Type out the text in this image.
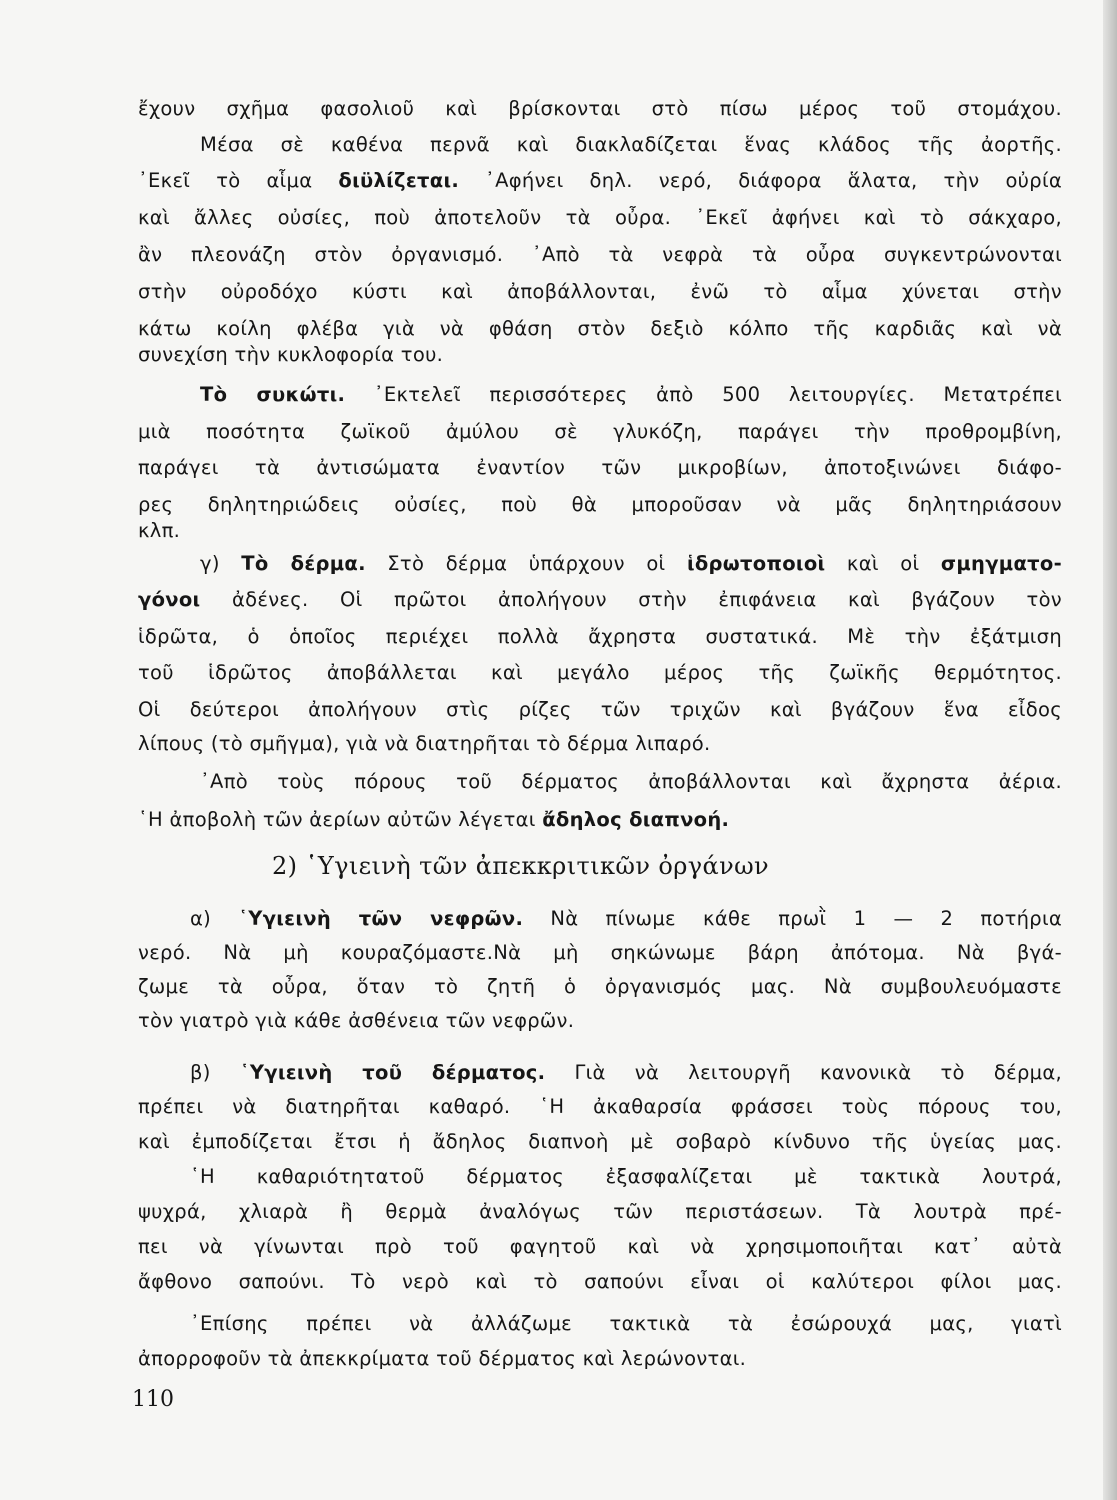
ἔχουν σχῆμα φασολιοῦ καὶ βρίσκονται στὸ πίσω μέρος τοῦ στομάχου.
Μέσα σὲ καθένα περνᾶ καὶ διακλαδίζεται ἕνας κλάδος τῆς ἀορτῆς.
᾽Εκεῖ τὸ αἷμα διϋλίζεται. ᾽Αφήνει δηλ. νερό, διάφορα ἅλατα, τὴν οὐρία
καὶ ἄλλες οὐσίες, ποὺ ἀποτελοῦν τὰ οὖρα. ᾽Εκεῖ ἀφήνει καὶ τὸ σάκχαρο,
ἂν πλεονάζη στὸν ὀργανισμό. ᾽Απὸ τὰ νεφρὰ τὰ οὖρα συγκεντρώνονται
στὴν οὐροδόχο κύστι καὶ ἀποβάλλονται, ἐνῶ τὸ αἷμα χύνεται στὴν
κάτω κοίλη φλέβα γιὰ νὰ φθάση στὸν δεξιὸ κόλπο τῆς καρδιᾶς καὶ νὰ
συνεχίση τὴν κυκλοφορία του.
Τὸ συκώτι. ᾽Εκτελεῖ περισσότερες ἀπὸ 500 λειτουργίες. Μετατρέπει
μιὰ ποσότητα ζωϊκοῦ ἀμύλου σὲ γλυκόζη, παράγει τὴν προθρομβίνη,
παράγει τὰ ἀντισώματα ἐναντίον τῶν μικροβίων, ἀποτοξινώνει διάφο-
ρες δηλητηριώδεις οὐσίες, ποὺ θὰ μποροῦσαν νὰ μᾶς δηλητηριάσουν
κλπ.
γ) Τὸ δέρμα. Στὸ δέρμα ὑπάρχουν οἱ ἱδρωτοποιοὶ καὶ οἱ σμηγματο-
γόνοι ἀδένες. Οἱ πρῶτοι ἀπολήγουν στὴν ἐπιφάνεια καὶ βγάζουν τὸν
ἱδρῶτα, ὁ ὁποῖος περιέχει πολλὰ ἄχρηστα συστατικά. Μὲ τὴν ἐξάτμιση
τοῦ ἱδρῶτος ἀποβάλλεται καὶ μεγάλο μέρος τῆς ζωϊκῆς θερμότητος.
Οἱ δεύτεροι ἀπολήγουν στὶς ρίζες τῶν τριχῶν καὶ βγάζουν ἕνα εἶδος
λίπους (τὸ σμῆγμα), γιὰ νὰ διατηρῆται τὸ δέρμα λιπαρό.
᾽Απὸ τοὺς πόρους τοῦ δέρματος ἀποβάλλονται καὶ ἄχρηστα ἀέρια.
῾Η ἀποβολὴ τῶν ἀερίων αὐτῶν λέγεται ἄδηλος διαπνοή.
2) ῾Υγιεινὴ τῶν ἀπεκκριτικῶν ὀργάνων
α) ῾Υγιεινὴ τῶν νεφρῶν. Νὰ πίνωμε κάθε πρωῒ 1 — 2 ποτήρια
νερό. Νὰ μὴ κουραζόμαστε.Νὰ μὴ σηκώνωμε βάρη ἀπότομα. Νὰ βγά-
ζωμε τὰ οὖρα, ὅταν τὸ ζητῆ ὁ ὀργανισμός μας. Νὰ συμβουλευόμαστε
τὸν γιατρὸ γιὰ κάθε ἀσθένεια τῶν νεφρῶν.
β) ῾Υγιεινὴ τοῦ δέρματος. Γιὰ νὰ λειτουργῆ κανονικὰ τὸ δέρμα,
πρέπει νὰ διατηρῆται καθαρό. ῾Η ἀκαθαρσία φράσσει τοὺς πόρους του,
καὶ ἐμποδίζεται ἔτσι ἡ ἄδηλος διαπνοὴ μὲ σοβαρὸ κίνδυνο τῆς ὑγείας μας.
῾Η καθαριότητατοῦ δέρματος ἐξασφαλίζεται μὲ τακτικὰ λουτρά,
ψυχρά, χλιαρὰ ἢ θερμὰ ἀναλόγως τῶν περιστάσεων. Τὰ λουτρὰ πρέ-
πει νὰ γίνωνται πρὸ τοῦ φαγητοῦ καὶ νὰ χρησιμοποιῆται κατ᾽ αὐτὰ
ἄφθονο σαπούνι. Τὸ νερὸ καὶ τὸ σαπούνι εἶναι οἱ καλύτεροι φίλοι μας.
᾽Επίσης πρέπει νὰ ἀλλάζωμε τακτικὰ τὰ ἐσώρουχά μας, γιατὶ
ἀπορροφοῦν τὰ ἀπεκκρίματα τοῦ δέρματος καὶ λερώνονται.
110
